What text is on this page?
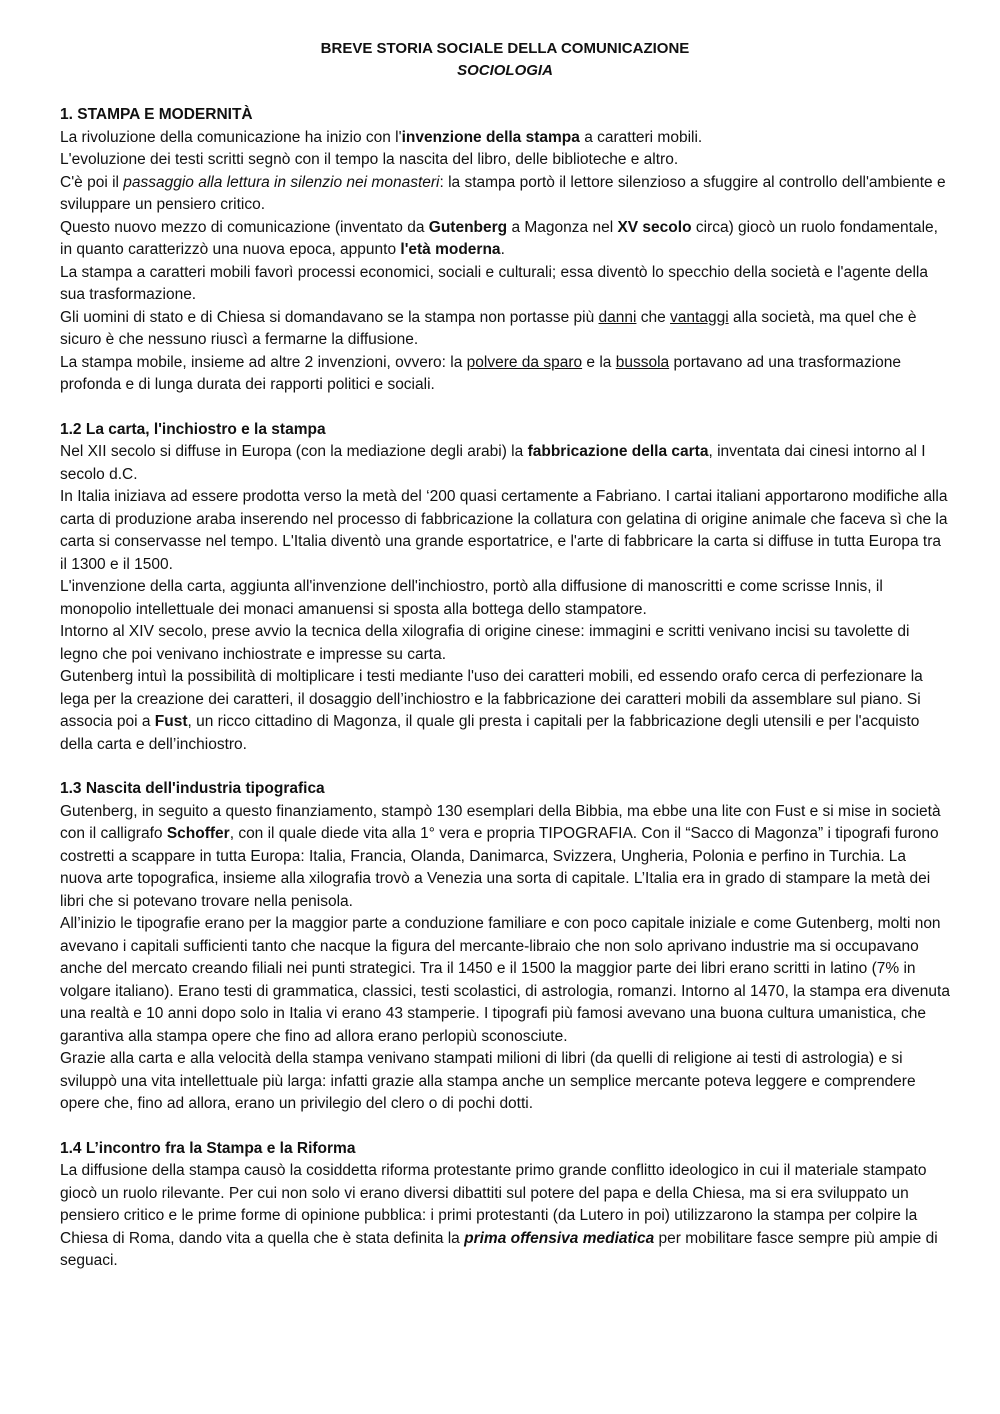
BREVE STORIA SOCIALE DELLA COMUNICAZIONE
SOCIOLOGIA
1. STAMPA E MODERNITÀ

La rivoluzione della comunicazione ha inizio con l'invenzione della stampa a caratteri mobili.

L'evoluzione dei testi scritti segnò con il tempo la nascita del libro, delle biblioteche e altro.

C'è poi il passaggio alla lettura in silenzio nei monasteri: la stampa portò il lettore silenzioso a sfuggire al controllo dell'ambiente e sviluppare un pensiero critico.

Questo nuovo mezzo di comunicazione (inventato da Gutenberg a Magonza nel XV secolo circa) giocò un ruolo fondamentale, in quanto caratterizzò una nuova epoca, appunto l'età moderna.

La stampa a caratteri mobili favorì processi economici, sociali e culturali; essa diventò lo specchio della società e l'agente della sua trasformazione.

Gli uomini di stato e di Chiesa si domandavano se la stampa non portasse più danni che vantaggi alla società, ma quel che è sicuro è che nessuno riuscì a fermarne la diffusione.

La stampa mobile, insieme ad altre 2 invenzioni, ovvero: la polvere da sparo e la bussola portavano ad una trasformazione profonda e di lunga durata dei rapporti politici e sociali.

1.2 La carta, l'inchiostro e la stampa

Nel XII secolo si diffuse in Europa (con la mediazione degli arabi) la fabbricazione della carta, inventata dai cinesi intorno al I secolo d.C.

In Italia iniziava ad essere prodotta verso la metà del ‘200 quasi certamente a Fabriano. I cartai italiani apportarono modifiche alla carta di produzione araba inserendo nel processo di fabbricazione la collatura con gelatina di origine animale che faceva sì che la carta si conservasse nel tempo. L'Italia diventò una grande esportatrice, e l'arte di fabbricare la carta si diffuse in tutta Europa tra il 1300 e il 1500.

L'invenzione della carta, aggiunta all'invenzione dell'inchiostro, portò alla diffusione di manoscritti e come scrisse Innis, il monopolio intellettuale dei monaci amanuensi si sposta alla bottega dello stampatore.

Intorno al XIV secolo, prese avvio la tecnica della xilografia di origine cinese: immagini e scritti venivano incisi su tavolette di legno che poi venivano inchiostrate e impresse su carta.

Gutenberg intuì la possibilità di moltiplicare i testi mediante l'uso dei caratteri mobili, ed essendo orafo cerca di perfezionare la lega per la creazione dei caratteri, il dosaggio dell’inchiostro e la fabbricazione dei caratteri mobili da assemblare sul piano. Si associa poi a Fust, un ricco cittadino di Magonza, il quale gli presta i capitali per la fabbricazione degli utensili e per l'acquisto della carta e dell’inchiostro.

1.3 Nascita dell'industria tipografica

Gutenberg, in seguito a questo finanziamento, stampò 130 esemplari della Bibbia, ma ebbe una lite con Fust e si mise in società con il calligrafo Schoffer, con il quale diede vita alla 1° vera e propria TIPOGRAFIA. Con il “Sacco di Magonza” i tipografi furono costretti a scappare in tutta Europa: Italia, Francia, Olanda, Danimarca, Svizzera, Ungheria, Polonia e perfino in Turchia. La nuova arte topografica, insieme alla xilografia trovò a Venezia una sorta di capitale. L’Italia era in grado di stampare la metà dei libri che si potevano trovare nella penisola.

All’inizio le tipografie erano per la maggior parte a conduzione familiare e con poco capitale iniziale e come Gutenberg, molti non avevano i capitali sufficienti tanto che nacque la figura del mercante-libraio che non solo aprivano industrie ma si occupavano anche del mercato creando filiali nei punti strategici. Tra il 1450 e il 1500 la maggior parte dei libri erano scritti in latino (7% in volgare italiano). Erano testi di grammatica, classici, testi scolastici, di astrologia, romanzi. Intorno al 1470, la stampa era divenuta una realtà e 10 anni dopo solo in Italia vi erano 43 stamperie. I tipografi più famosi avevano una buona cultura umanistica, che garantiva alla stampa opere che fino ad allora erano perlopiù sconosciute.

Grazie alla carta e alla velocità della stampa venivano stampati milioni di libri (da quelli di religione ai testi di astrologia) e si sviluppò una vita intellettuale più larga: infatti grazie alla stampa anche un semplice mercante poteva leggere e comprendere opere che, fino ad allora, erano un privilegio del clero o di pochi dotti.

1.4 L’incontro fra la Stampa e la Riforma

La diffusione della stampa causò la cosiddetta riforma protestante primo grande conflitto ideologico in cui il materiale stampato giocò un ruolo rilevante. Per cui non solo vi erano diversi dibattiti sul potere del papa e della Chiesa, ma si era sviluppato un pensiero critico e le prime forme di opinione pubblica: i primi protestanti (da Lutero in poi) utilizzarono la stampa per colpire la Chiesa di Roma, dando vita a quella che è stata definita la prima offensiva mediatica per mobilitare fasce sempre più ampie di seguaci.
